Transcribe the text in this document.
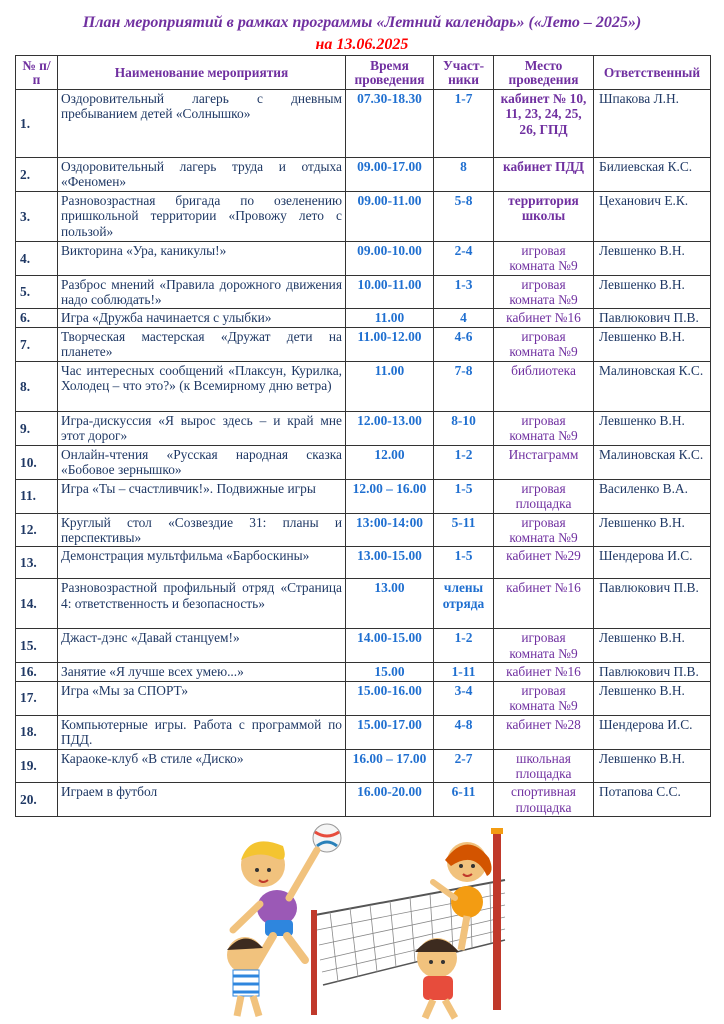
План мероприятий в рамках программы «Летний календарь» («Лето – 2025»)
на 13.06.2025
№ п/п	Наименование мероприятия	Время проведения	Участ-ники	Место проведения	Ответственный
1.	Оздоровительный лагерь с дневным пребыванием детей «Солнышко»	07.30-18.30	1-7	кабинет № 10, 11, 23, 24, 25, 26, ГПД	Шпакова Л.Н.
2.	Оздоровительный лагерь труда и отдыха «Феномен»	09.00-17.00	8	кабинет ПДД	Билиевская К.С.
3.	Разновозрастная бригада по озеленению пришкольной территории «Провожу лето с пользой»	09.00-11.00	5-8	территория школы	Цеханович Е.К.
4.	Викторина «Ура, каникулы!»	09.00-10.00	2-4	игровая комната №9	Левшенко В.Н.
5.	Разброс мнений «Правила дорожного движения надо соблюдать!»	10.00-11.00	1-3	игровая комната №9	Левшенко В.Н.
6.	Игра «Дружба начинается с улыбки»	11.00	4	кабинет №16	Павлюкович П.В.
7.	Творческая мастерская «Дружат дети на планете»	11.00-12.00	4-6	игровая комната №9	Левшенко В.Н.
8.	Час интересных сообщений «Плаксун, Курилка, Холодец – что это?» (к Всемирному дню ветра)	11.00	7-8	библиотека	Малиновская К.С.
9.	Игра-дискуссия «Я вырос здесь – и край мне этот дорог»	12.00-13.00	8-10	игровая комната №9	Левшенко В.Н.
10.	Онлайн-чтения «Русская народная сказка «Бобовое зернышко»	12.00	1-2	Инстаграмм	Малиновская К.С.
11.	Игра «Ты – счастливчик!». Подвижные игры	12.00 – 16.00	1-5	игровая площадка	Василенко В.А.
12.	Круглый стол «Созвездие 31: планы и перспективы»	13:00-14:00	5-11	игровая комната №9	Левшенко В.Н.
13.	Демонстрация мультфильма «Барбоскины»	13.00-15.00	1-5	кабинет №29	Шендерова И.С.
14.	Разновозрастной профильный отряд «Страница 4: ответственность и безопасность»	13.00	члены отряда	кабинет №16	Павлюкович П.В.
15.	Джаст-дэнс «Давай станцуем!»	14.00-15.00	1-2	игровая комната №9	Левшенко В.Н.
16.	Занятие «Я лучше всех умею...»	15.00	1-11	кабинет №16	Павлюкович П.В.
17.	Игра «Мы за СПОРТ»	15.00-16.00	3-4	игровая комната №9	Левшенко В.Н.
18.	Компьютерные игры. Работа с программой по ПДД.	15.00-17.00	4-8	кабинет №28	Шендерова И.С.
19.	Караоке-клуб «В стиле «Диско»	16.00 – 17.00	2-7	школьная площадка	Левшенко В.Н.
20.	Играем в футбол	16.00-20.00	6-11	спортивная площадка	Потапова С.С.
